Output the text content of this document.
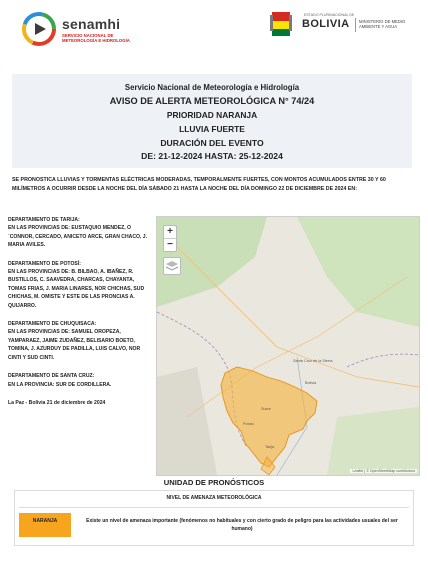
senamhi
SERVICIO NACIONAL DE METEOROLOGÍA E HIDROLOGÍA
ESTADO PLURINACIONAL DE
BOLIVIA MINISTERIO DE MEDIO AMBIENTE Y AGUA
Servicio Nacional de Meteorología e Hidrología
AVISO DE ALERTA METEOROLÓGICA N° 74/24
PRIORIDAD NARANJA
LLUVIA FUERTE
DURACIÓN DEL EVENTO
DE: 21-12-2024 HASTA: 25-12-2024
SE PRONOSTICA LLUVIAS Y TORMENTAS ELÉCTRICAS MODERADAS, TEMPORALMENTE FUERTES, CON MONTOS ACUMULADOS ENTRE 30 Y 60 MILÍMETROS A OCURRIR DESDE LA NOCHE DEL DÍA SÁBADO 21 HASTA LA NOCHE DEL DÍA DOMINGO 22 DE DICIEMBRE DE 2024 EN:
DEPARTAMENTO DE TARIJA:
EN LAS PROVINCIAS DE: EUSTAQUIO MENDEZ, O´CONNOR, CERCADO, ANICETO ARCE, GRAN CHACO, J. MARIA AVILES.
DEPARTAMENTO DE POTOSÍ:
EN LAS PROVINCIAS DE: B. BILBAO, A. IBAÑEZ, R. BUSTILLOS, C. SAAVEDRA, CHARCAS, CHAYANTA, TOMAS FRIAS, J. MARIA LINARES, NOR CHICHAS, SUD CHICHAS, M. OMISTE Y ESTE DE LAS PRONCIAS A. QUIJARRO.
DEPARTAMENTO DE CHUQUISACA:
EN LAS PROVINCIAS DE: SAMUEL OROPEZA, YAMPARAEZ, JAIME ZUDAÑEZ, BELISARIO BOETO, TOMINA, J. AZURDUY DE PADILLA, LUIS CALVO, NOR CINTI Y SUD CINTI.
DEPARTAMENTO DE SANTA CRUZ:
EN LA PROVINCIA: SUR DE CORDILLERA.
La Paz - Bolivia 21 de diciembre de 2024
Santa Cruz de la Sierra
Bolivia
Sucre
Potosí
Tarija
+
−
Leaflet | © OpenStreetMap contributors
UNIDAD DE PRONÓSTICOS
NIVEL DE AMENAZA METEOROLÓGICA
NARANJA	Existe un nivel de amenaza importante (fenómenos no habituales y con cierto grado de peligro para las actividades usuales del ser humano)
